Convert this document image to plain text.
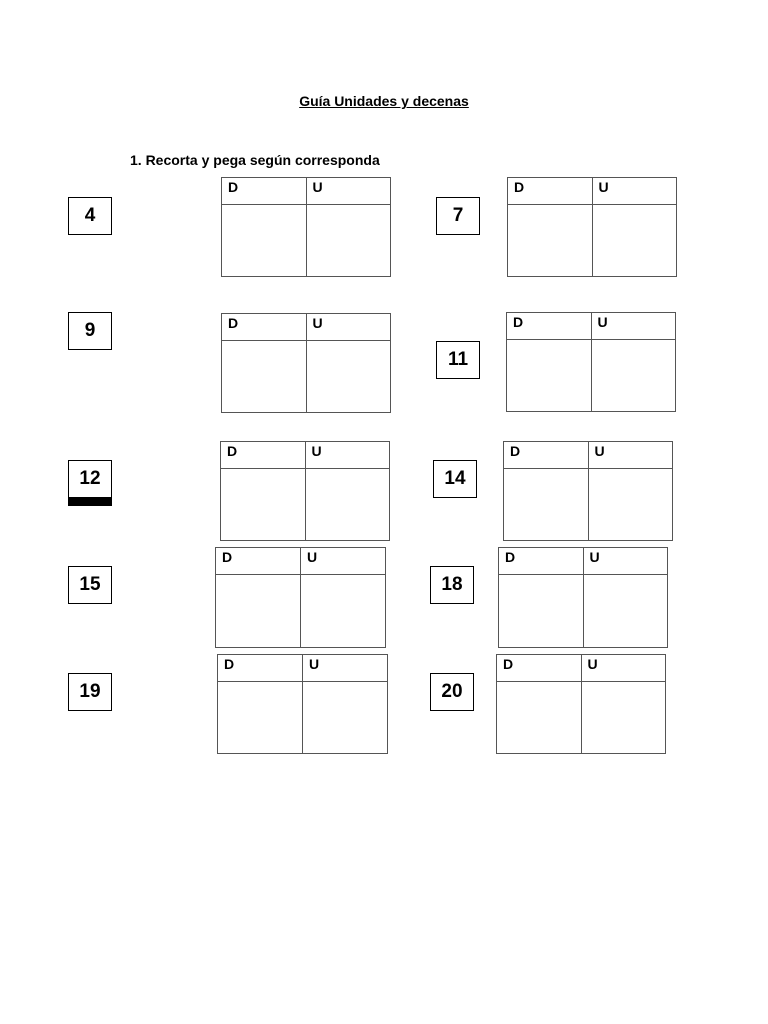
Guía Unidades y decenas
1. Recorta y pega según corresponda
4
D	U

7
D	U

9	D	U

11
D	U

12
D	U

14
D	U

15
D	U

18
D	U

19
D	U

20
D	U
